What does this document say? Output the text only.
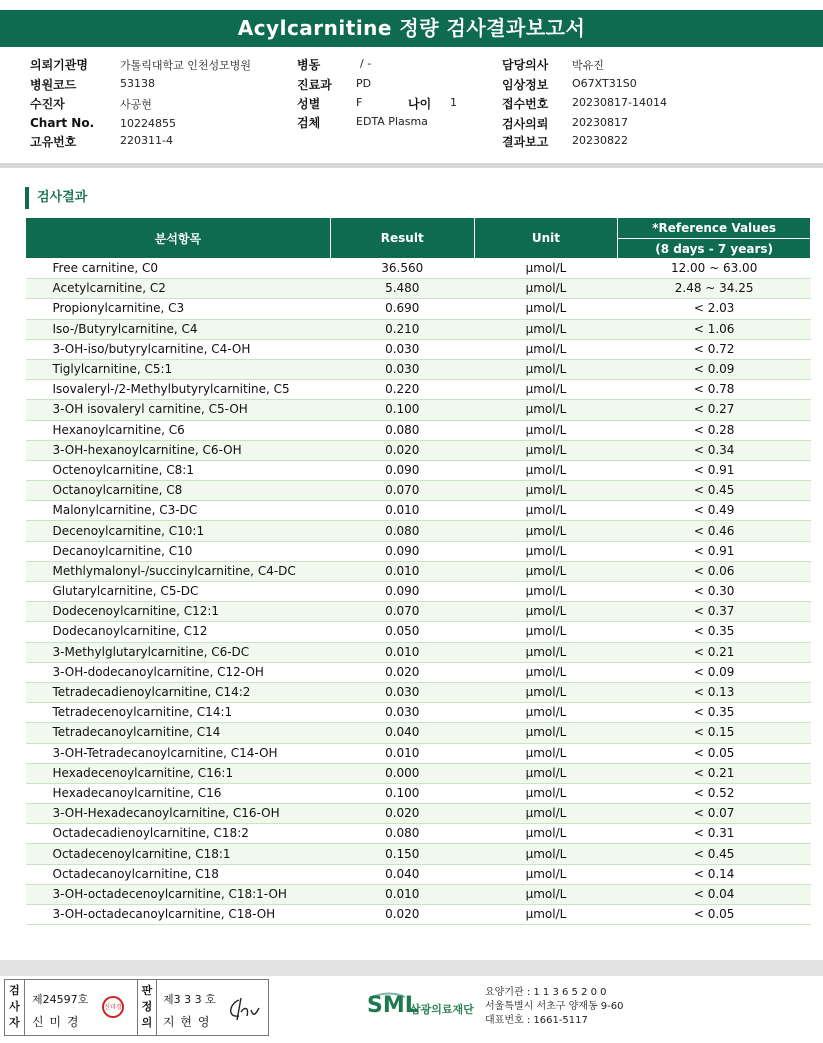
Acylcarnitine 정량 검사결과보고서
의뢰기관명	가톨릭대학교 인천성모병원
병원코드	53138
수진자	사공현
Chart No. 10224855
고유번호	220311-4
병동	/ -
진료과 PD
성별	F	나이 1
검체	EDTA Plasma
담당의사 박유진
임상정보 O67XT31S0
접수번호 20230817-14014
검사의뢰 20230817
결과보고 20230822
검사결과
분석항목	Result	Unit	*Reference Values
			(8 days - 7 years)
Free carnitine, C0	36.560	μmol/L	12.00 ~ 63.00
Acetylcarnitine, C2	5.480	μmol/L	2.48 ~ 34.25
Propionylcarnitine, C3	0.690	μmol/L	< 2.03
Iso-/Butyrylcarnitine, C4	0.210	μmol/L	< 1.06
3-OH-iso/butyrylcarnitine, C4-OH	0.030	μmol/L	< 0.72
Tiglylcarnitine, C5:1	0.030	μmol/L	< 0.09
Isovaleryl-/2-Methylbutyrylcarnitine, C5	0.220	μmol/L	< 0.78
3-OH isovaleryl carnitine, C5-OH	0.100	μmol/L	< 0.27
Hexanoylcarnitine, C6	0.080	μmol/L	< 0.28
3-OH-hexanoylcarnitine, C6-OH	0.020	μmol/L	< 0.34
Octenoylcarnitine, C8:1	0.090	μmol/L	< 0.91
Octanoylcarnitine, C8	0.070	μmol/L	< 0.45
Malonylcarnitine, C3-DC	0.010	μmol/L	< 0.49
Decenoylcarnitine, C10:1	0.080	μmol/L	< 0.46
Decanoylcarnitine, C10	0.090	μmol/L	< 0.91
Methlymalonyl-/succinylcarnitine, C4-DC	0.010	μmol/L	< 0.06
Glutarylcarnitine, C5-DC	0.090	μmol/L	< 0.30
Dodecenoylcarnitine, C12:1	0.070	μmol/L	< 0.37
Dodecanoylcarnitine, C12	0.050	μmol/L	< 0.35
3-Methylglutarylcarnitine, C6-DC	0.010	μmol/L	< 0.21
3-OH-dodecanoylcarnitine, C12-OH	0.020	μmol/L	< 0.09
Tetradecadienoylcarnitine, C14:2	0.030	μmol/L	< 0.13
Tetradecenoylcarnitine, C14:1	0.030	μmol/L	< 0.35
Tetradecanoylcarnitine, C14	0.040	μmol/L	< 0.15
3-OH-Tetradecanoylcarnitine, C14-OH	0.010	μmol/L	< 0.05
Hexadecenoylcarnitine, C16:1	0.000	μmol/L	< 0.21
Hexadecanoylcarnitine, C16	0.100	μmol/L	< 0.52
3-OH-Hexadecanoylcarnitine, C16-OH	0.020	μmol/L	< 0.07
Octadecadienoylcarnitine, C18:2	0.080	μmol/L	< 0.31
Octadecenoylcarnitine, C18:1	0.150	μmol/L	< 0.45
Octadecanoylcarnitine, C18	0.040	μmol/L	< 0.14
3-OH-octadecenoylcarnitine, C18:1-OH	0.010	μmol/L	< 0.04
3-OH-octadecanoylcarnitine, C18-OH	0.020	μmol/L	< 0.05
검사자
제24597호
신 미 경
신미경
판정의
제3 3 3 호
지 현 영
SML
삼광의료재단
요양기관 : 1 1 3 6 5 2 0 0
서울특별시 서초구 양재동 9-60
대표번호 : 1661-5117
